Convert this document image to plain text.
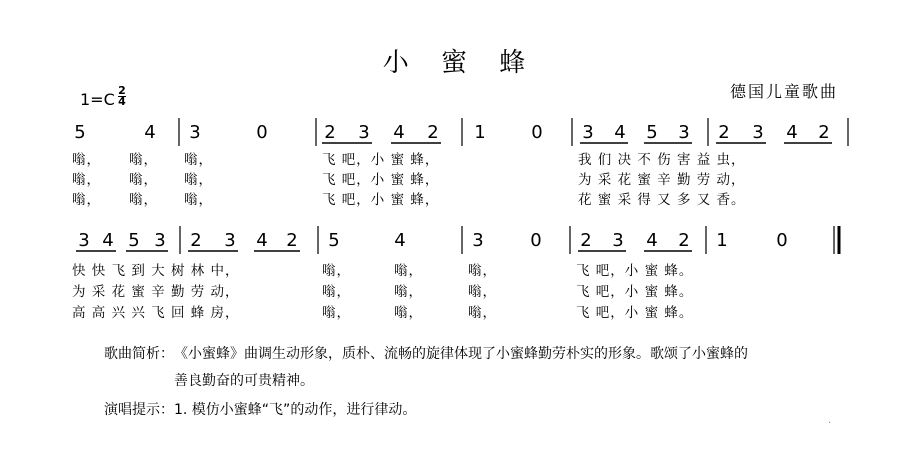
小 蜜 蜂
德国儿童歌曲
1=C 2
4
5	4 3	0	2 3 4 2 1	0 3 4 5 3 2 3 4 2
嗡， 嗡， 嗡，	飞 吧，小 蜜 蜂，	我 们 决 不 伤 害 益 虫，
嗡， 嗡， 嗡，	飞 吧，小 蜜 蜂，	为 采 花 蜜 辛 勤 劳 动，
嗡， 嗡， 嗡，	飞 吧，小 蜜 蜂，	花 蜜 采 得 又 多 又 香。
3 4 5 3 2 3 4 2 5	4	3	0 2 3 4 2 1	0
快 快 飞 到 大 树 林 中，	嗡，	嗡，	嗡，	飞 吧，小 蜜 蜂。
为 采 花 蜜 辛 勤 劳 动，	嗡，	嗡，	嗡，	飞 吧，小 蜜 蜂。
高 高 兴 兴 飞 回 蜂 房，	嗡，	嗡，	嗡，	飞 吧，小 蜜 蜂。
歌曲简析： 《小蜜蜂》曲调生动形象，质朴、流畅的旋律体现了小蜜蜂勤劳朴实的形象。歌颂了小蜜蜂的
善良勤奋的可贵精神。
演唱提示： 1. 模仿小蜜蜂“飞”的动作，进行律动。
·
